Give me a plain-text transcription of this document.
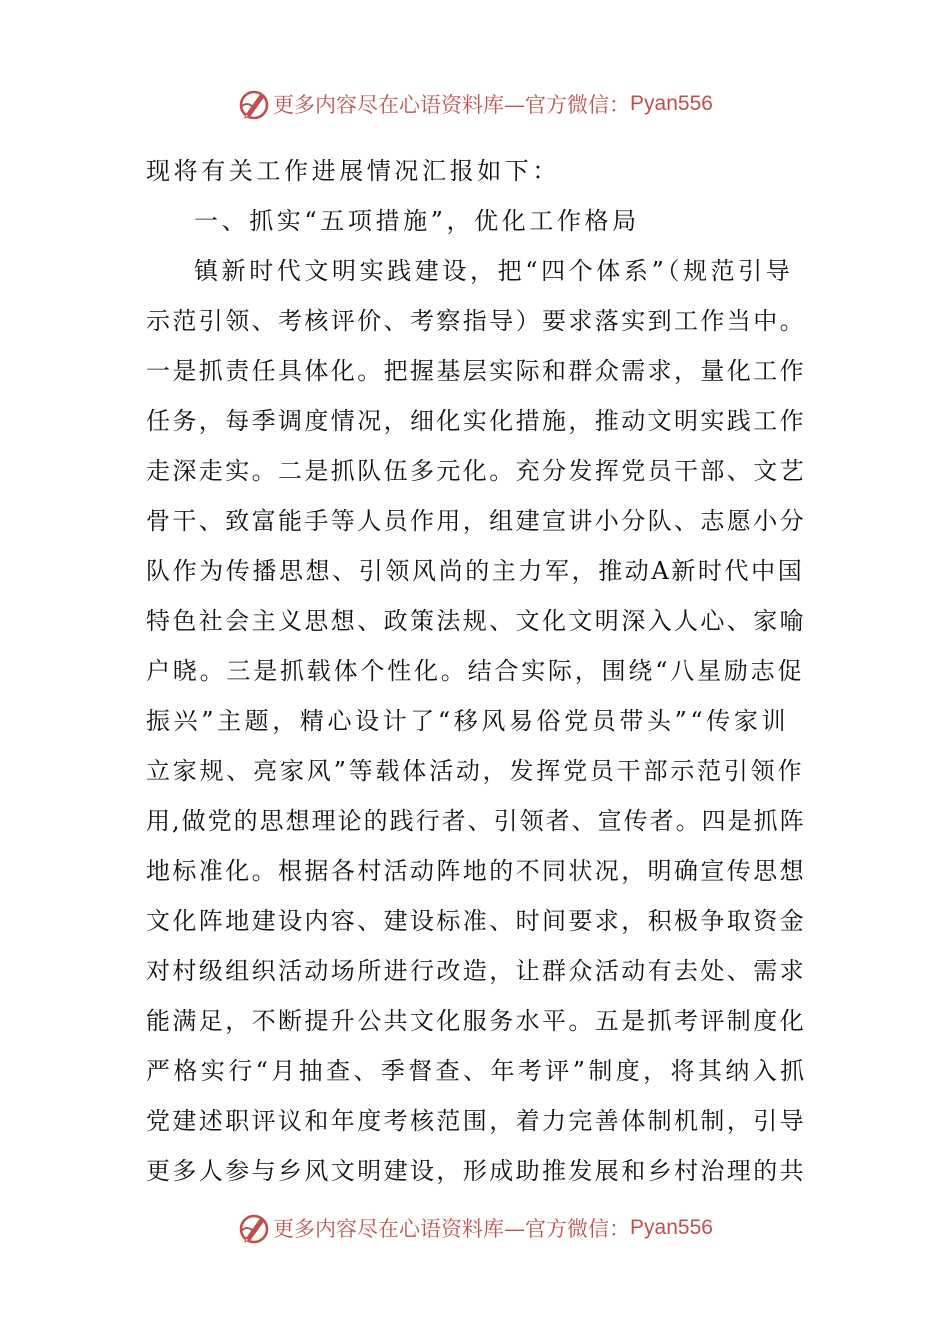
更多内容尽在心语资料库—官方微信： Pyan556
现将有关工作进展情况汇报如下：
一、抓实“五项措施”，优化工作格局
镇新时代文明实践建设，把“四个体系”（规范引导
示范引领、考核评价、考察指导）要求落实到工作当中。
一是抓责任具体化。把握基层实际和群众需求，量化工作
任务，每季调度情况，细化实化措施，推动文明实践工作
走深走实。二是抓队伍多元化。充分发挥党员干部、文艺
骨干、致富能手等人员作用，组建宣讲小分队、志愿小分
队作为传播思想、引领风尚的主力军，推动A新时代中国
特色社会主义思想、政策法规、文化文明深入人心、家喻
户晓。三是抓载体个性化。结合实际，围绕“八星励志促
振兴”主题，精心设计了“移风易俗党员带头”“传家训
立家规、亮家风”等载体活动，发挥党员干部示范引领作
用,做党的思想理论的践行者、引领者、宣传者。四是抓阵
地标准化。根据各村活动阵地的不同状况，明确宣传思想
文化阵地建设内容、建设标准、时间要求，积极争取资金
对村级组织活动场所进行改造，让群众活动有去处、需求
能满足，不断提升公共文化服务水平。五是抓考评制度化
严格实行“月抽查、季督查、年考评”制度，将其纳入抓
党建述职评议和年度考核范围，着力完善体制机制，引导
更多人参与乡风文明建设，形成助推发展和乡村治理的共
更多内容尽在心语资料库—官方微信： Pyan556
